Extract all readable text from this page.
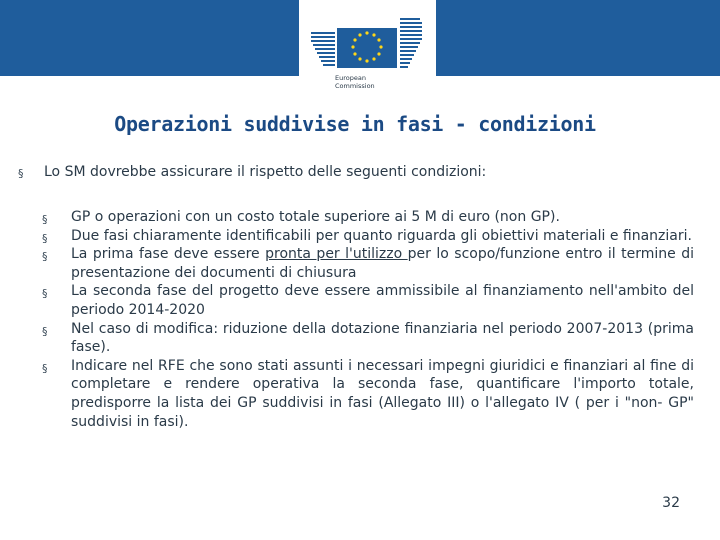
European
Commission
Operazioni suddivise in fasi - condizioni
§ Lo SM dovrebbe assicurare il rispetto delle seguenti condizioni:
§ GP o operazioni con un costo totale superiore ai 5 M di euro (non GP).
§ Due fasi chiaramente identificabili per quanto riguarda gli obiettivi materiali e finanziari.
§ La prima fase deve essere pronta per l'utilizzo per lo scopo/funzione entro il termine di presentazione dei documenti di chiusura
§ La seconda fase del progetto deve essere ammissibile al finanziamento nell'ambito del periodo 2014-2020
§ Nel caso di modifica: riduzione della dotazione finanziaria nel periodo 2007-2013 (prima fase).
§ Indicare nel RFE che sono stati assunti i necessari impegni giuridici e finanziari al fine di completare e rendere operativa la seconda fase, quantificare l'importo totale, predisporre la lista dei GP suddivisi in fasi (Allegato III) o l'allegato IV ( per i "non- GP" suddivisi in fasi).
32
